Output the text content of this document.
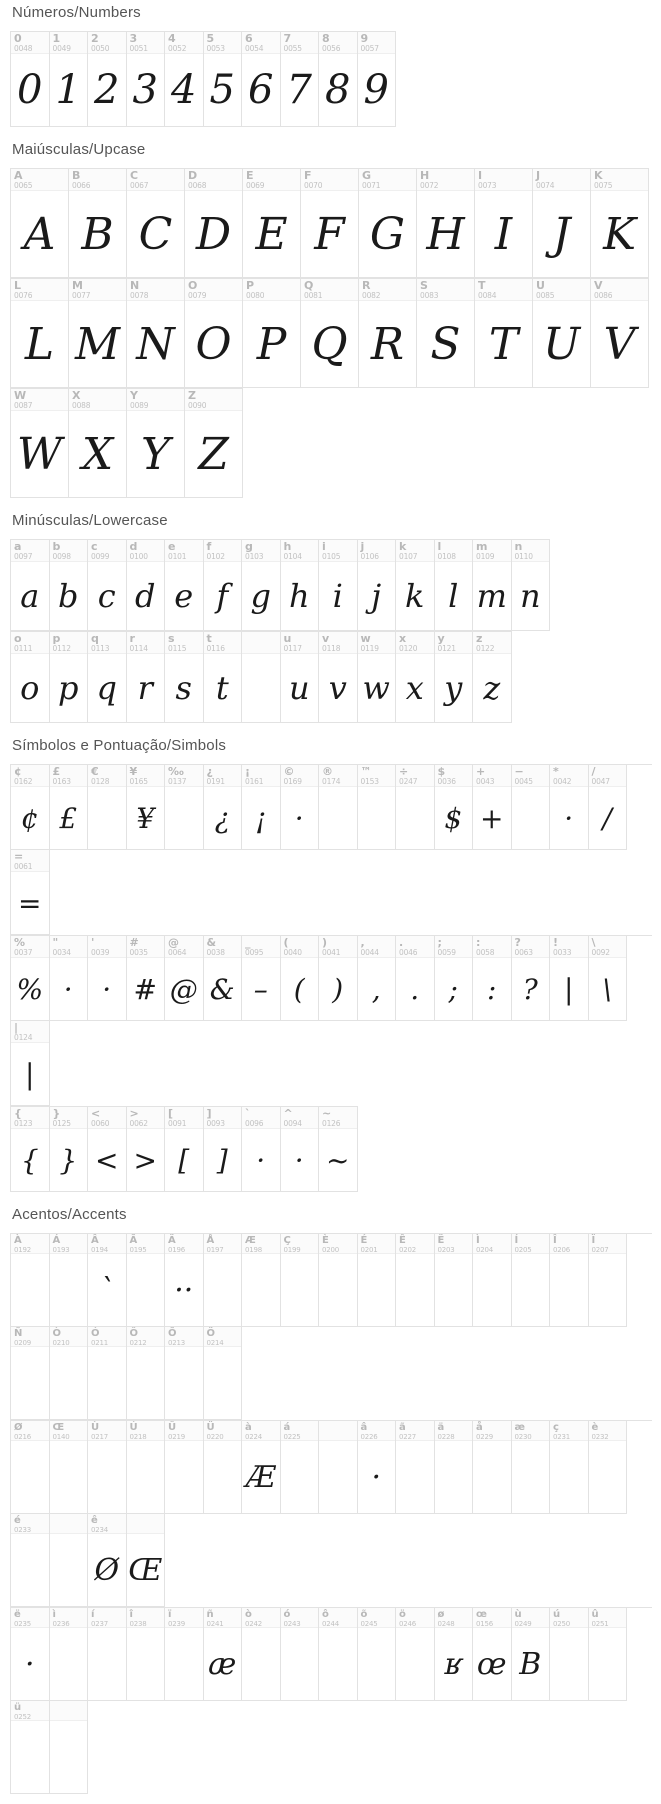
Números/Numbers
0
0048
0
1
0049
1
2
0050
2
3
0051
3
4
0052
4
5
0053
5
6
0054
6
7
0055
7
8
0056
8
9
0057
9
Maiúsculas/Upcase
A
0065
A
B
0066
B
C
0067
C
D
0068
D
E
0069
E
F
0070
F
G
0071
G
H
0072
H
I
0073
I
J
0074
J
K
0075
K
L
0076
L
M
0077
M
N
0078
N
O
0079
O
P
0080
P
Q
0081
Q
R
0082
R
S
0083
S
T
0084
T
U
0085
U
V
0086
V
W
0087
W
X
0088
X
Y
0089
Y
Z
0090
Z
Minúsculas/Lowercase
a
0097
a
b
0098
b
c
0099
c
d
0100
d
e
0101
e
f
0102
f
g
0103
g
h
0104
h
i
0105
i
j
0106
j
k
0107
k
l
0108
l
m
0109
m
n
0110
n
o
0111
o
p
0112
p
q
0113
q
r
0114
r
s
0115
s
t
0116
t
u
0117
u
v
0118
v
w
0119
w
x
0120
x
y
0121
y
z
0122
z
Símbolos e Pontuação/Simbols
¢
0162
¢
£
0163
£
€
0128
¥
0165
¥
‰
0137
¿
0191
¿
¡
0161
¡
©
0169
·
®
0174
™
0153
÷
0247
$
0036
$
+
0043
+
−
0045
*
0042
·
/
0047
/
=
0061
=
%
0037
%
"
0034
·
'
0039
·
#
0035
#
@
0064
@
&
0038
&
_
0095
–
(
0040
(
)
0041
)
,
0044
,
.
0046
.
;
0059
;
:
0058
:
?
0063
?
!
0033
|
\
0092
\
|
0124
|
{
0123
{
}
0125
}
<
0060
<
>
0062
>
[
0091
[
]
0093
]
`
0096
·
^
0094
·
~
0126
~
Acentos/Accents
À
0192
Á
0193
Â
0194
`
Ã
0195
Ä
0196
··
Å
0197
Æ
0198
Ç
0199
È
0200
É
0201
Ê
0202
Ë
0203
Ì
0204
Í
0205
Î
0206
Ï
0207
Ñ
0209
Ò
0210
Ó
0211
Ô
0212
Õ
0213
Ö
0214
Ø
0216
Œ
0140
Ù
0217
Ú
0218
Û
0219
Ü
0220
à
0224
Æ
á
0225
â
0226
·
ã
0227
ä
0228
å
0229
æ
0230
ç
0231
è
0232
é
0233
ê
0234
Ø Œ
ë
0235
·
ì
0236
í
0237
î
0238
ï
0239
ñ
0241
æ
ò
0242
ó
0243
ô
0244
õ
0245
ö
0246
ø
0248
ʁ
œ
0156
œ
ù
0249
B
ú
0250
û
0251
ü
0252
